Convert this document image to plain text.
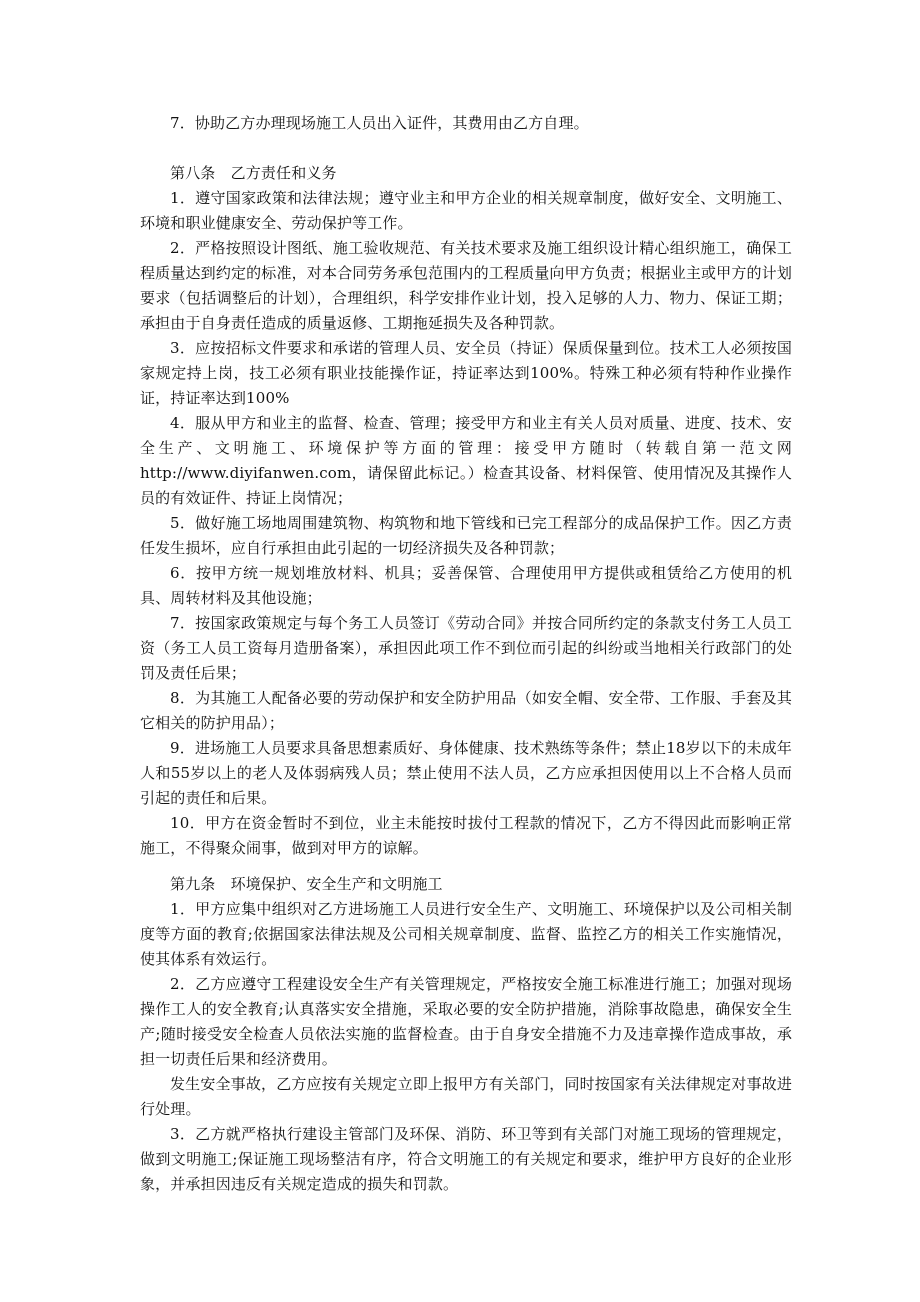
7．协助乙方办理现场施工人员出入证件，其费用由乙方自理。

第八条　乙方责任和义务

1．遵守国家政策和法律法规；遵守业主和甲方企业的相关规章制度，做好安全、文明施工、环境和职业健康安全、劳动保护等工作。

2．严格按照设计图纸、施工验收规范、有关技术要求及施工组织设计精心组织施工，确保工程质量达到约定的标准，对本合同劳务承包范围内的工程质量向甲方负责；根据业主或甲方的计划要求（包括调整后的计划），合理组织，科学安排作业计划，投入足够的人力、物力、保证工期；承担由于自身责任造成的质量返修、工期拖延损失及各种罚款。

3．应按招标文件要求和承诺的管理人员、安全员（持证）保质保量到位。技术工人必须按国家规定持上岗，技工必须有职业技能操作证，持证率达到100%。特殊工种必须有特种作业操作证，持证率达到100%

4．服从甲方和业主的监督、检查、管理；接受甲方和业主有关人员对质量、进度、技术、安全生产、文明施工、环境保护等方面的管理：接受甲方随时（转载自第一范文网http://www.diyifanwen.com，请保留此标记。）检查其设备、材料保管、使用情况及其操作人员的有效证件、持证上岗情况；

5．做好施工场地周围建筑物、构筑物和地下管线和已完工程部分的成品保护工作。因乙方责任发生损坏，应自行承担由此引起的一切经济损失及各种罚款；

6．按甲方统一规划堆放材料、机具；妥善保管、合理使用甲方提供或租赁给乙方使用的机具、周转材料及其他设施；

7．按国家政策规定与每个务工人员签订《劳动合同》并按合同所约定的条款支付务工人员工资（务工人员工资每月造册备案），承担因此项工作不到位而引起的纠纷或当地相关行政部门的处罚及责任后果；

8．为其施工人配备必要的劳动保护和安全防护用品（如安全帽、安全带、工作服、手套及其它相关的防护用品）；

9．进场施工人员要求具备思想素质好、身体健康、技术熟练等条件；禁止18岁以下的未成年人和55岁以上的老人及体弱病残人员；禁止使用不法人员，乙方应承担因使用以上不合格人员而引起的责任和后果。

10．甲方在资金暂时不到位，业主未能按时拔付工程款的情况下，乙方不得因此而影响正常施工，不得聚众闹事，做到对甲方的谅解。

第九条　环境保护、安全生产和文明施工

1．甲方应集中组织对乙方进场施工人员进行安全生产、文明施工、环境保护以及公司相关制度等方面的教育;依据国家法律法规及公司相关规章制度、监督、监控乙方的相关工作实施情况，使其体系有效运行。

2．乙方应遵守工程建设安全生产有关管理规定，严格按安全施工标准进行施工；加强对现场操作工人的安全教育;认真落实安全措施，采取必要的安全防护措施，消除事故隐患，确保安全生产;随时接受安全检查人员依法实施的监督检查。由于自身安全措施不力及违章操作造成事故，承担一切责任后果和经济费用。

发生安全事故，乙方应按有关规定立即上报甲方有关部门，同时按国家有关法律规定对事故进行处理。

3．乙方就严格执行建设主管部门及环保、消防、环卫等到有关部门对施工现场的管理规定，做到文明施工;保证施工现场整洁有序，符合文明施工的有关规定和要求，维护甲方良好的企业形象，并承担因违反有关规定造成的损失和罚款。
